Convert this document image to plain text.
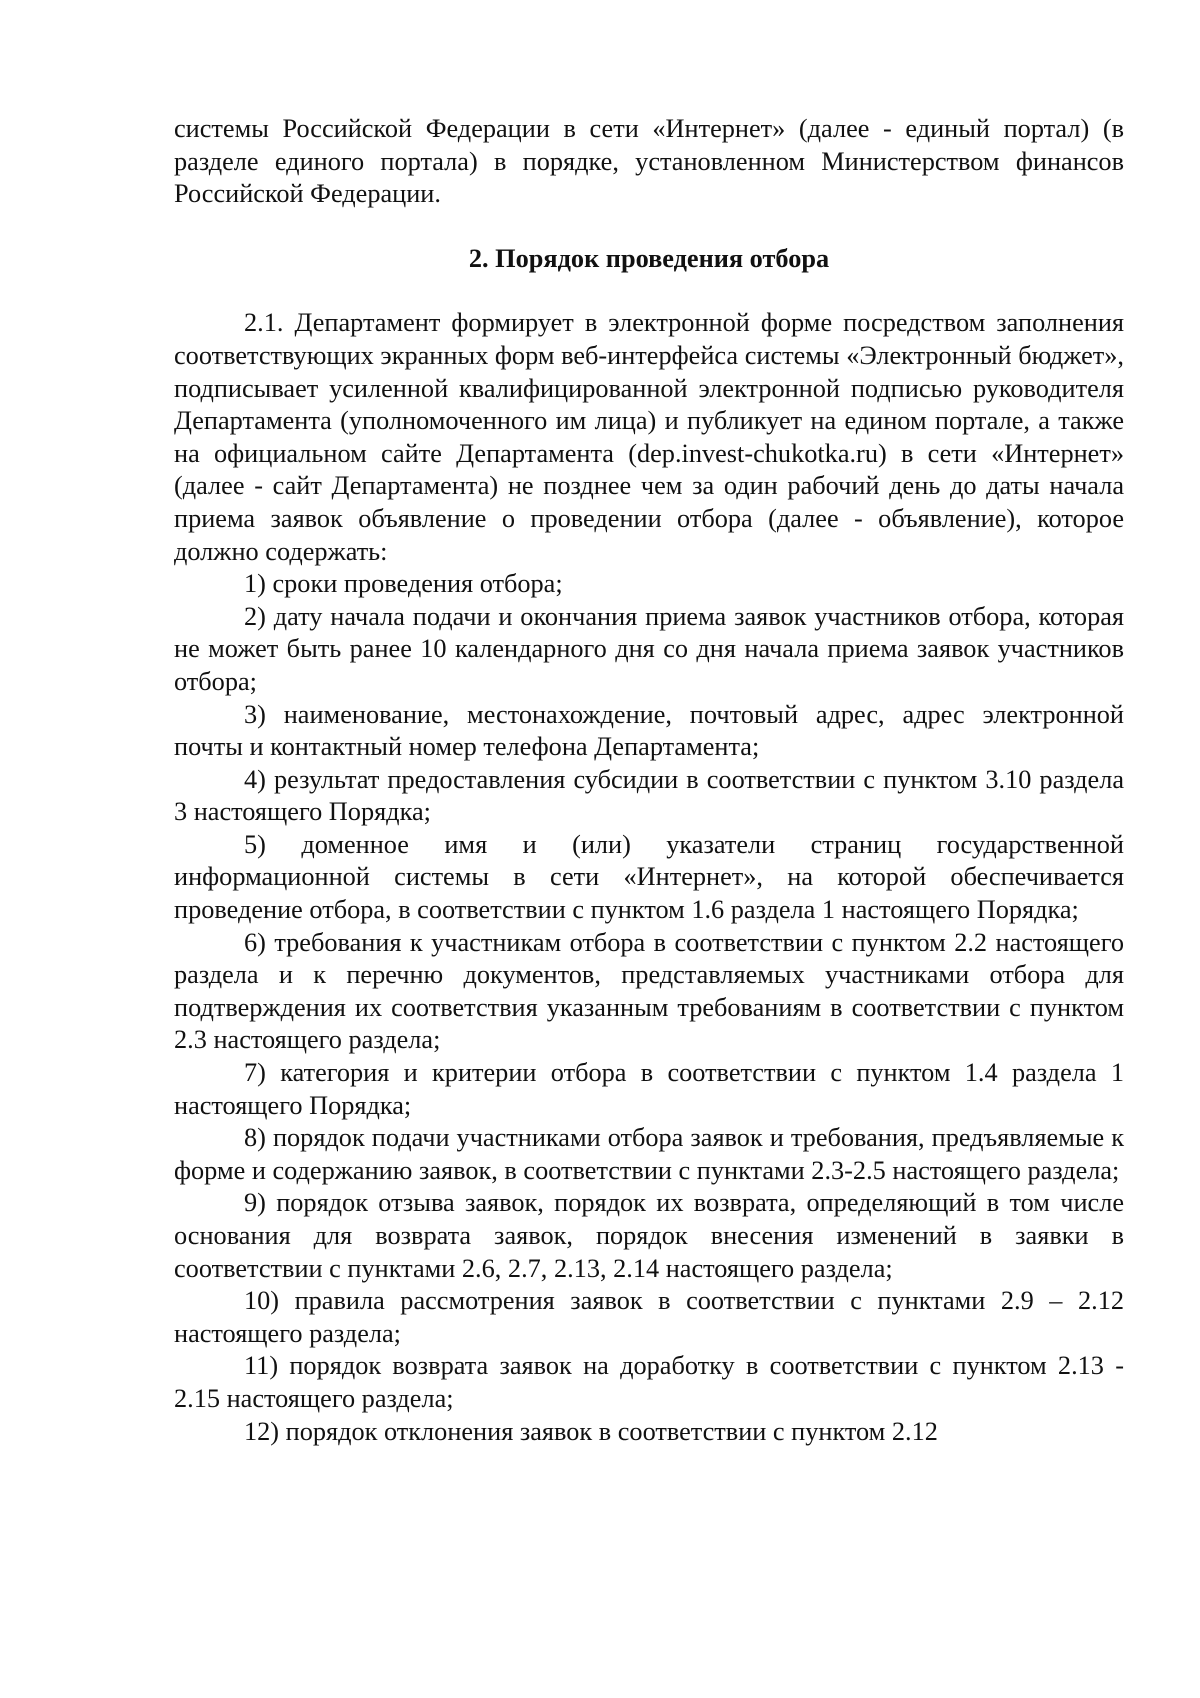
системы Российской Федерации в сети «Интернет» (далее - единый портал) (в разделе единого портала) в порядке, установленном Министерством финансов Российской Федерации.

2. Порядок проведения отбора

2.1. Департамент формирует в электронной форме посредством заполнения соответствующих экранных форм веб-интерфейса системы «Электронный бюджет», подписывает усиленной квалифицированной электронной подписью руководителя Департамента (уполномоченного им лица) и публикует на едином портале, а также на официальном сайте Департамента (dep.invest-chukotka.ru) в сети «Интернет» (далее - сайт Департамента) не позднее чем за один рабочий день до даты начала приема заявок объявление о проведении отбора (далее - объявление), которое должно содержать:

1) сроки проведения отбора;

2) дату начала подачи и окончания приема заявок участников отбора, которая не может быть ранее 10 календарного дня со дня начала приема заявок участников отбора;

3) наименование, местонахождение, почтовый адрес, адрес электронной почты и контактный номер телефона Департамента;

4) результат предоставления субсидии в соответствии с пунктом 3.10 раздела 3 настоящего Порядка;

5) доменное имя и (или) указатели страниц государственной информационной системы в сети «Интернет», на которой обеспечивается проведение отбора, в соответствии с пунктом 1.6 раздела 1 настоящего Порядка;

6) требования к участникам отбора в соответствии с пунктом 2.2 настоящего раздела и к перечню документов, представляемых участниками отбора для подтверждения их соответствия указанным требованиям в соответствии с пунктом 2.3 настоящего раздела;

7) категория и критерии отбора в соответствии с пунктом 1.4 раздела 1 настоящего Порядка;

8) порядок подачи участниками отбора заявок и требования, предъявляемые к форме и содержанию заявок, в соответствии с пунктами 2.3-2.5 настоящего раздела;

9) порядок отзыва заявок, порядок их возврата, определяющий в том числе основания для возврата заявок, порядок внесения изменений в заявки в соответствии с пунктами 2.6, 2.7, 2.13, 2.14 настоящего раздела;

10) правила рассмотрения заявок в соответствии с пунктами 2.9 – 2.12 настоящего раздела;

11) порядок возврата заявок на доработку в соответствии с пунктом 2.13 - 2.15 настоящего раздела;

12) порядок отклонения заявок в соответствии с пунктом 2.12
